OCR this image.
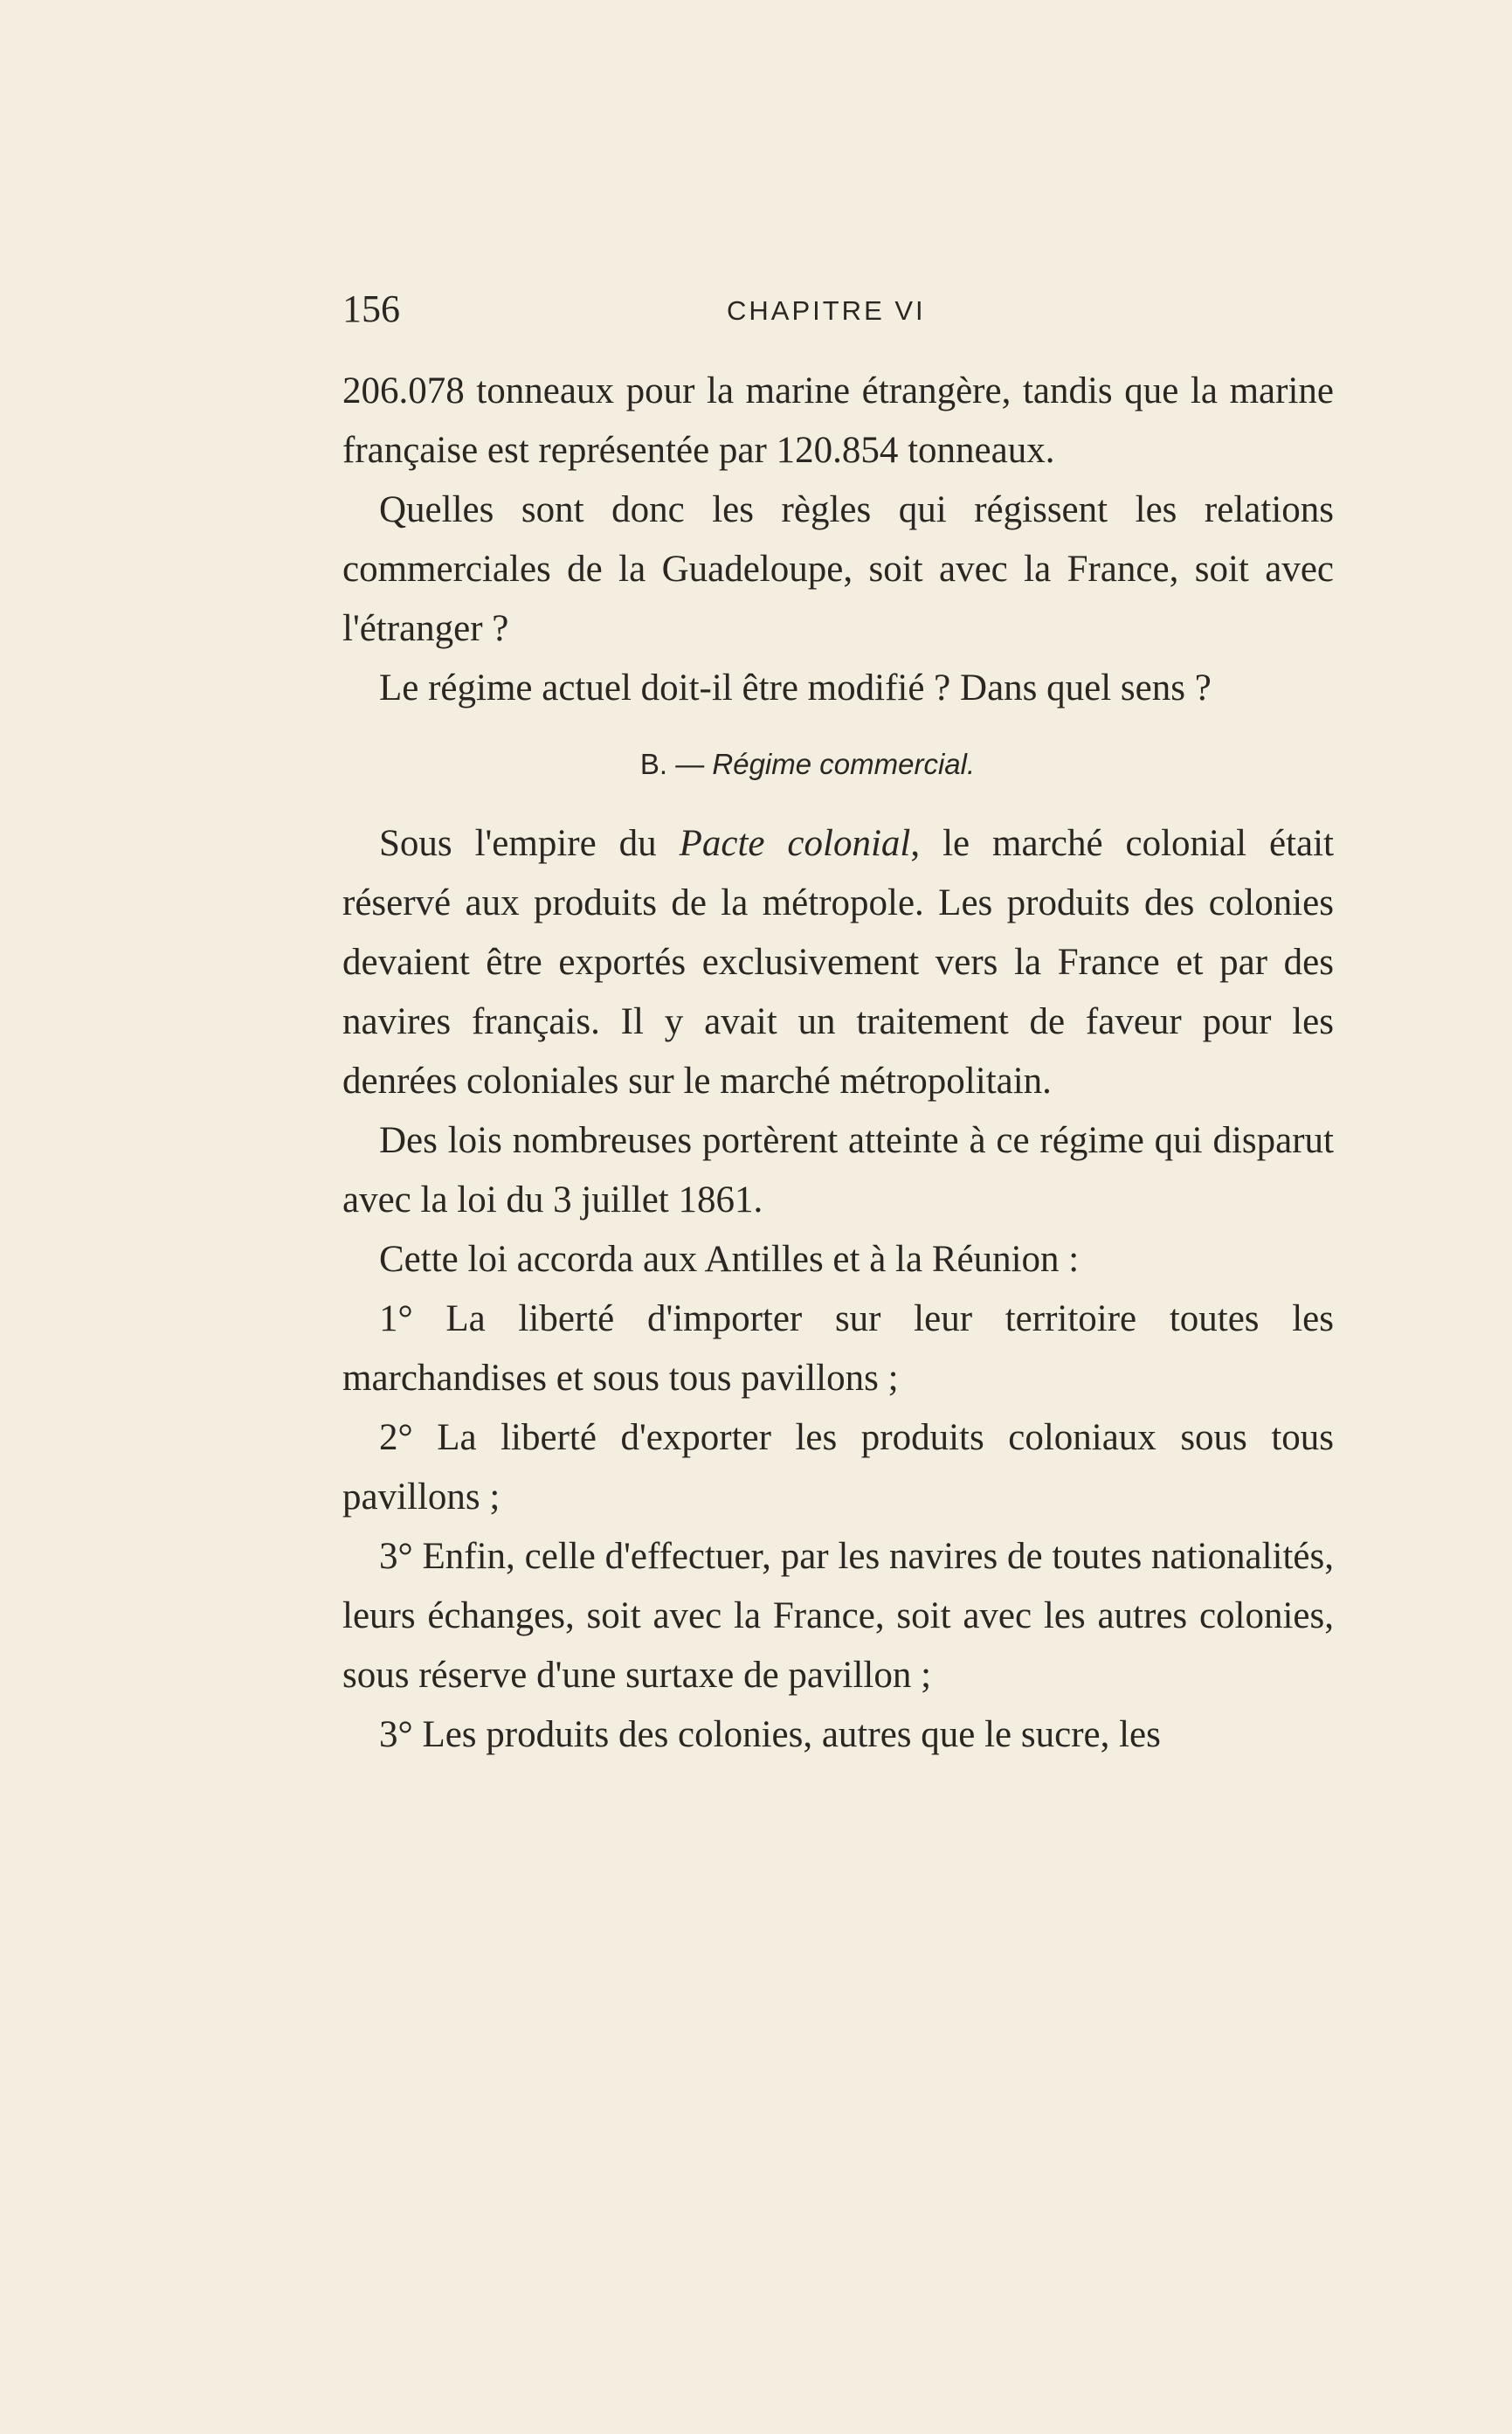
156	CHAPITRE VI

206.078 tonneaux pour la marine étrangère, tandis que la marine française est représentée par 120.854 tonneaux.

Quelles sont donc les règles qui régissent les relations commerciales de la Guadeloupe, soit avec la France, soit avec l'étranger ?

Le régime actuel doit-il être modifié ? Dans quel sens ?

B. — Régime commercial.

Sous l'empire du Pacte colonial, le marché colonial était réservé aux produits de la métropole. Les produits des colonies devaient être exportés exclusivement vers la France et par des navires français. Il y avait un traitement de faveur pour les denrées coloniales sur le marché métropolitain.

Des lois nombreuses portèrent atteinte à ce régime qui disparut avec la loi du 3 juillet 1861.

Cette loi accorda aux Antilles et à la Réunion :

1° La liberté d'importer sur leur territoire toutes les marchandises et sous tous pavillons ;

2° La liberté d'exporter les produits coloniaux sous tous pavillons ;

3° Enfin, celle d'effectuer, par les navires de toutes nationalités, leurs échanges, soit avec la France, soit avec les autres colonies, sous réserve d'une surtaxe de pavillon ;

3° Les produits des colonies, autres que le sucre, les
